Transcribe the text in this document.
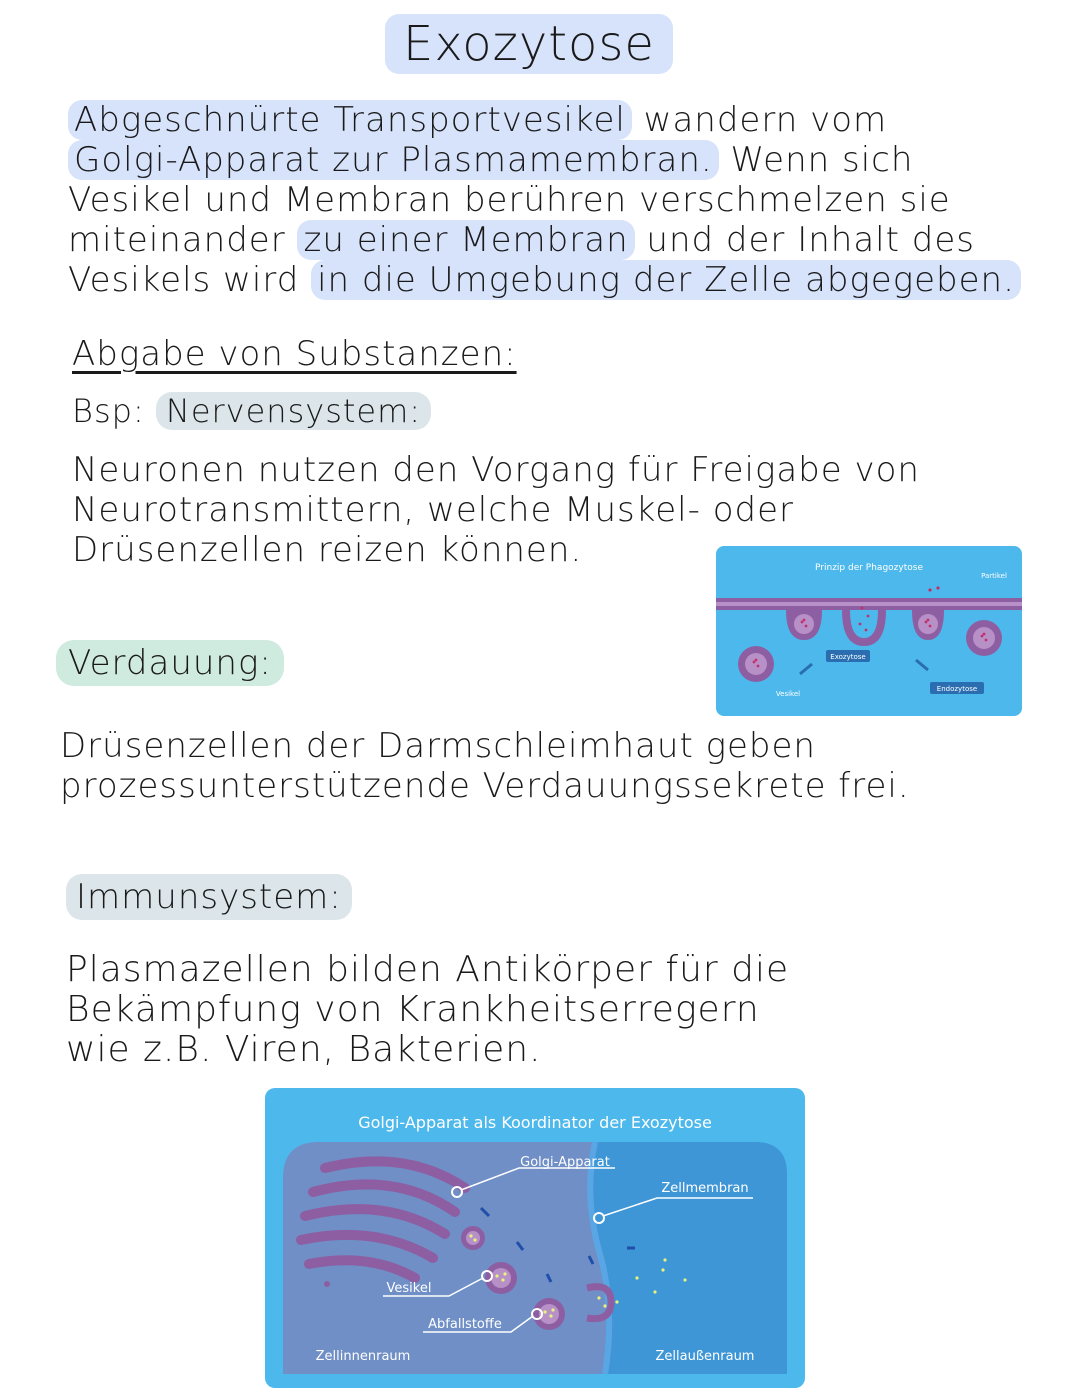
Exozytose
Abgeschnürte Transportvesikel wandern vom
Golgi-Apparat zur Plasmamembran. Wenn sich
Vesikel und Membran berühren verschmelzen sie
miteinander zu einer Membran und der Inhalt des
Vesikels wird in die Umgebung der Zelle abgegeben.
Abgabe von Substanzen:
Bsp: Nervensystem:
Neuronen nutzen den Vorgang für Freigabe von
Neurotransmittern, welche Muskel- oder
Drüsenzellen reizen können.	Prinzip der Phagozytose
Partikel
Exozytose
Endozytose
Vesikel
Verdauung:
Drüsenzellen der Darmschleimhaut geben
prozessunterstützende Verdauungssekrete frei.
Immunsystem:
Plasmazellen bilden Antikörper für die
Bekämpfung von Krankheitserregern
wie z.B. Viren, Bakterien.
Golgi-Apparat als Koordinator der Exozytose
Golgi-Apparat
Zellmembran
Vesikel
Abfallstoffe
Zellinnenraum	Zellaußenraum
